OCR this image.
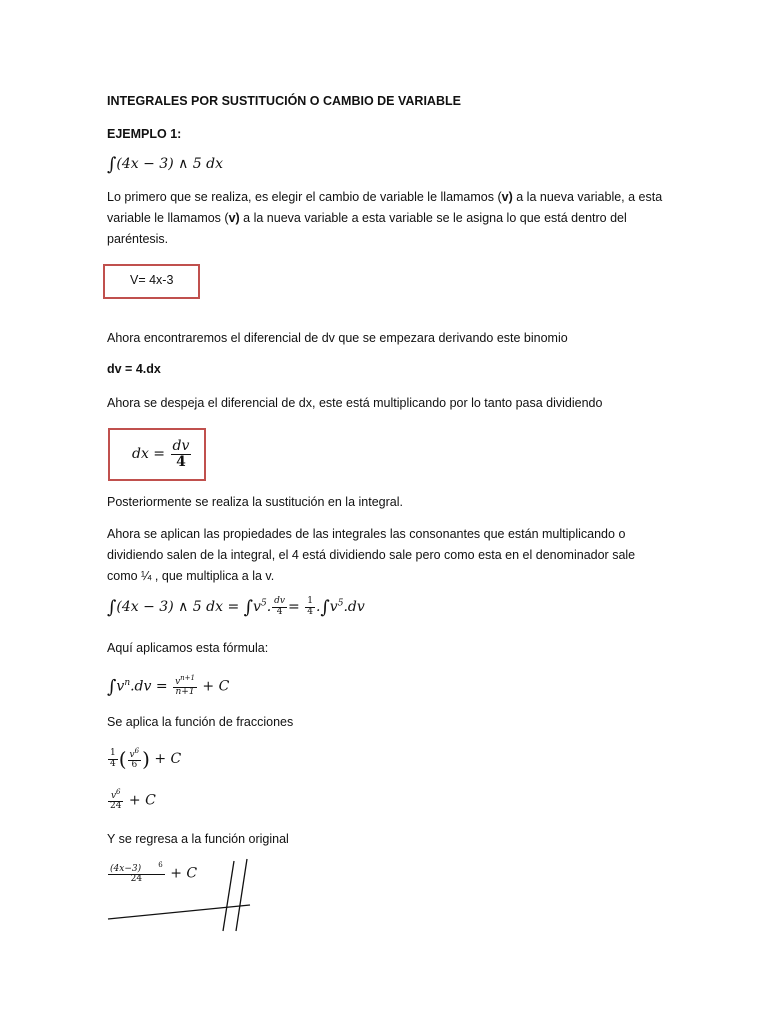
INTEGRALES POR SUSTITUCIÓN O CAMBIO DE VARIABLE
EJEMPLO 1:
∫(4x − 3) ∧ 5 dx
Lo primero que se realiza, es elegir el cambio de variable le llamamos (v) a la nueva variable, a esta variable le llamamos (v) a la nueva variable a esta variable se le asigna lo que está dentro del paréntesis.
V= 4x-3
Ahora encontraremos el diferencial de dv que se empezara derivando este binomio
dv = 4.dx
Ahora se despeja el diferencial de dx, este está multiplicando por lo tanto pasa dividiendo
dx = $\frac{dv}{4}$
Posteriormente se realiza la sustitución en la integral.
Ahora se aplican las propiedades de las integrales las consonantes que están multiplicando o dividiendo salen de la integral, el 4 está dividiendo sale pero como esta en el denominador sale como ¼ , que multiplica a la v.
∫(4x − 3) ∧ 5 dx = $\int v^5$. $\frac{dv}{4} = \frac{1}{4} .\int v^5.dv$
Aquí aplicamos esta fórmula:
$\int v^n.dv = \frac{v^{n+1}}{n+1} + C$
Se aplica la función de fracciones
$\frac{1}{4}$ ( $\frac{v^6}{6}$ ) + C
$\frac{v^6}{24} + C$
Y se regresa a la función original
$\frac{(4x-3) ^6}{24} + C$
